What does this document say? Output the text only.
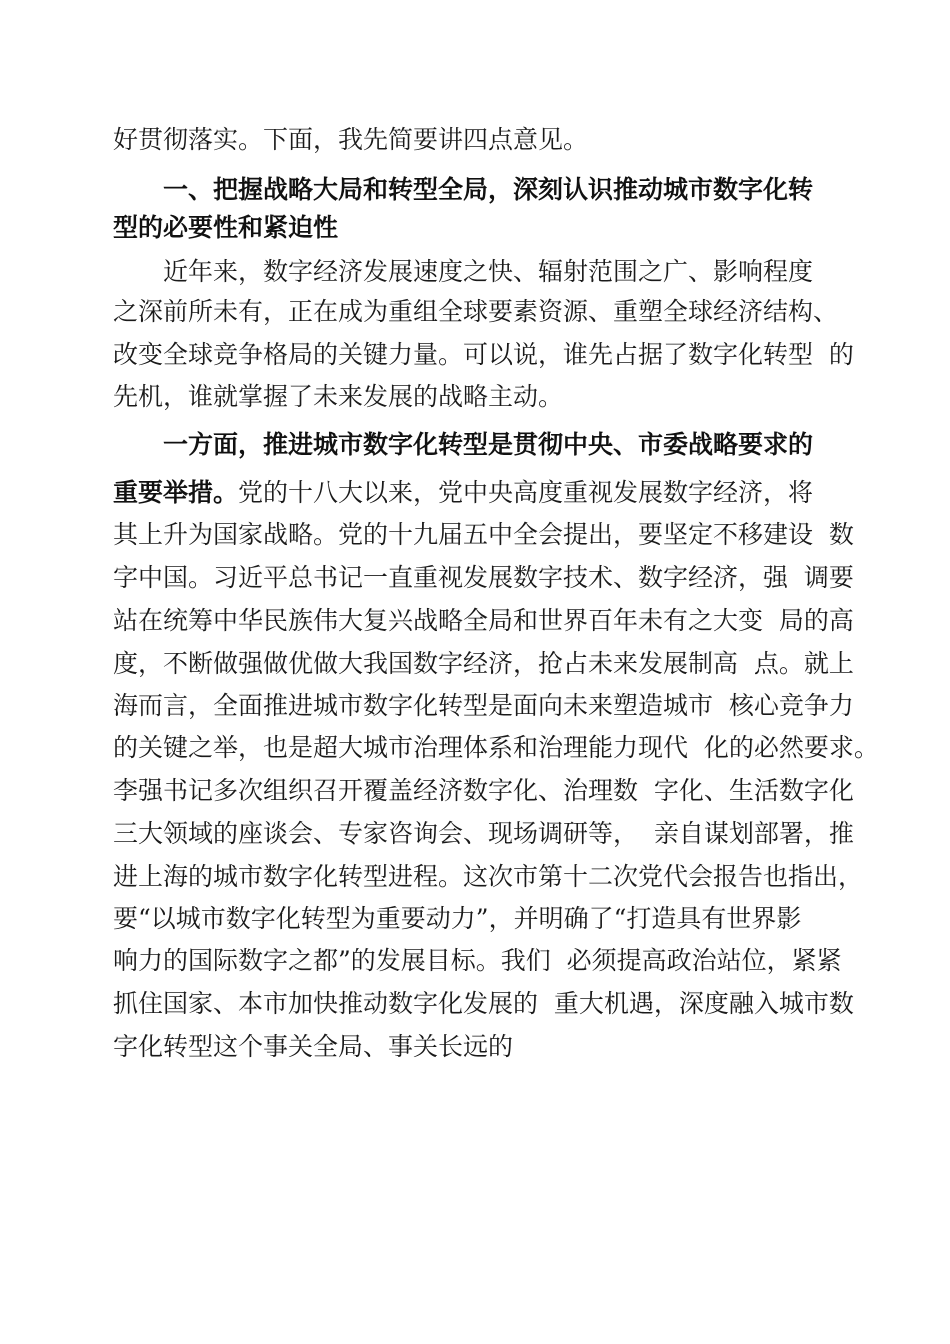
好贯彻落实。下面，我先简要讲四点意见。
一、把握战略大局和转型全局，深刻认识推动城市数字化转
型的必要性和紧迫性
近年来，数字经济发展速度之快、辐射范围之广、影响程度
之深前所未有，正在成为重组全球要素资源、重塑全球经济结构、
改变全球竞争格局的关键力量。可以说，谁先占据了数字化转型  的
先机，谁就掌握了未来发展的战略主动。
一方面，推进城市数字化转型是贯彻中央、市委战略要求的
重要举措。党的十八大以来，党中央高度重视发展数字经济，将
其上升为国家战略。党的十九届五中全会提出，要坚定不移建设  数
字中国。习近平总书记一直重视发展数字技术、数字经济，强  调要
站在统筹中华民族伟大复兴战略全局和世界百年未有之大变  局的高
度，不断做强做优做大我国数字经济，抢占未来发展制高  点。就上
海而言，全面推进城市数字化转型是面向未来塑造城市  核心竞争力
的关键之举，也是超大城市治理体系和治理能力现代  化的必然要求。
李强书记多次组织召开覆盖经济数字化、治理数  字化、生活数字化
三大领域的座谈会、专家咨询会、现场调研等，  亲自谋划部署，推
进上海的城市数字化转型进程。这次市第十二次党代会报告也指出，
要“以城市数字化转型为重要动力”，并明确了“打造具有世界影
响力的国际数字之都”的发展目标。我们  必须提高政治站位，紧紧
抓住国家、本市加快推动数字化发展的  重大机遇，深度融入城市数
字化转型这个事关全局、事关长远的
